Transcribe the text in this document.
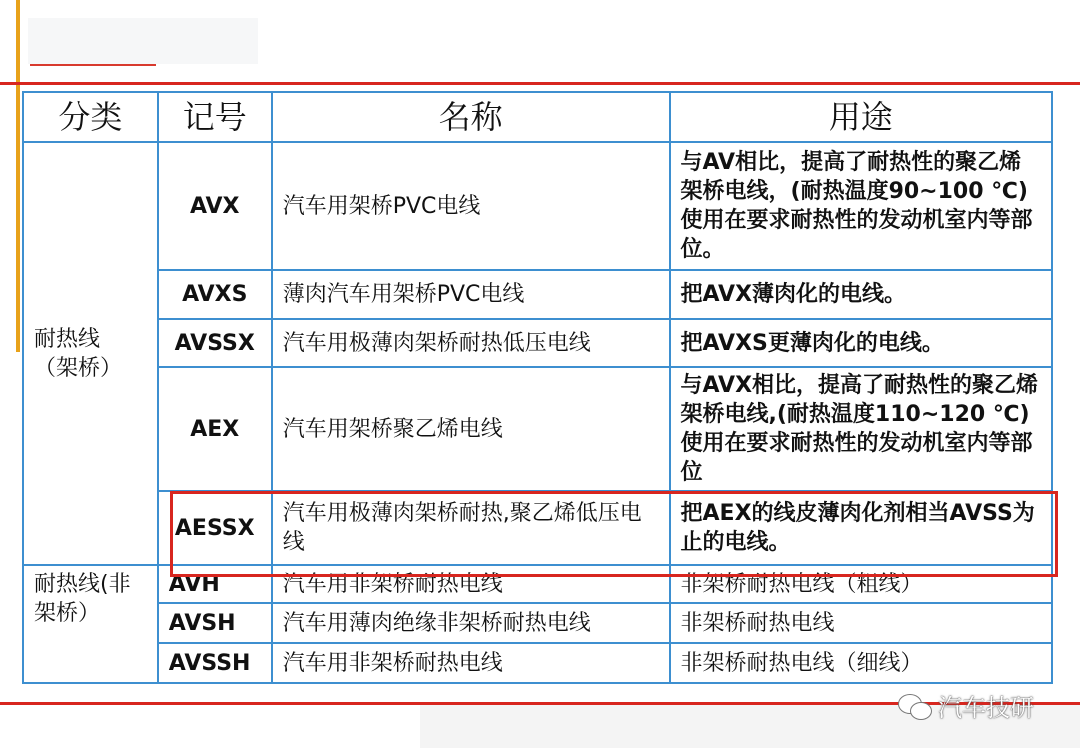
分类	记号	名称	用途
耐热线
（架桥）	AVX	汽车用架桥PVC电线	与AV相比，提高了耐热性的聚乙烯架桥电线，(耐热温度90~100 ℃)使用在要求耐热性的发动机室内等部位。
	AVXS	薄肉汽车用架桥PVC电线	把AVX薄肉化的电线。
	AVSSX	汽车用极薄肉架桥耐热低压电线	把AVXS更薄肉化的电线。
	AEX	汽车用架桥聚乙烯电线	与AVX相比，提高了耐热性的聚乙烯架桥电线,(耐热温度110~120 ℃)使用在要求耐热性的发动机室内等部位
	AESSX	汽车用极薄肉架桥耐热,聚乙烯低压电线	把AEX的线皮薄肉化剂相当AVSS为止的电线。
耐热线(非
架桥）	AVH	汽车用非架桥耐热电线	非架桥耐热电线（粗线）
	AVSH	汽车用薄肉绝缘非架桥耐热电线	非架桥耐热电线
	AVSSH	汽车用非架桥耐热电线	非架桥耐热电线（细线）
汽车技研
